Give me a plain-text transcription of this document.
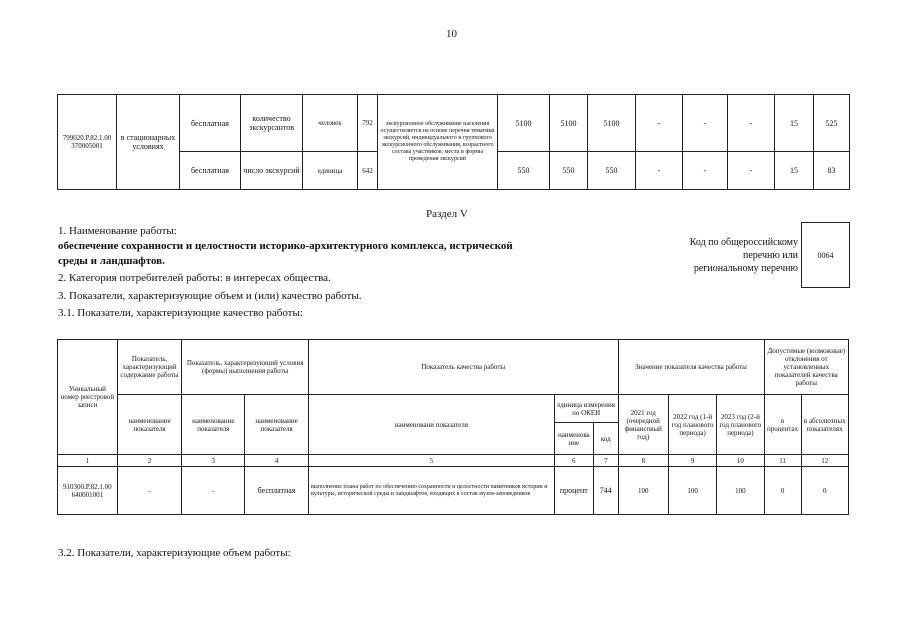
10
799020.Р.82.1.00 370005001	в стационарных условиях	бесплатная	количество экскурсантов	человек	792	экскурсионное обслуживание населения осуществляется на основе перечня тематики экскурсий, индивидуального и группового экскурсионного обслуживания, возрастного состава участников, места и формы проведения экскурсий	5100	5100	5100	-	-	-	15	525
		бесплатная	число экскурсий	единица	642		550	550	550	-	-	-	15	83
Раздел V
1. Наименование работы:
обеспечение сохранности и целостности историко-архитектурного комплекса, истрической
среды и ландшафтов.
2. Категория потребителей работы: в интересах общества.
3. Показатели, характеризующие объем и (или) качество работы.
3.1. Показатели, характеризующие качество работы:
Код по общероссийскому
перечню или
региональному перечню
0064
Уникальный номер реестровой записи	Показатель, характеризующий содержание работы	Показатель, характеризующий условия (формы) выполнения работы		Показатель качества работы			Значение показателя качества работы			Допустимые (возможные) отклонения от установленных показателей качества работы	
	наименование показателя	наименование показателя	наименование показателя	наименовани показателя	единица измерения по ОКЕИ		2021 год (очередной финансовый год)	2022 год (1-й год планового периода)	2023 год (2-й год планового периода)	в процентах	в абсолютных показателях
					наименова ние	код					
1	2	3	4	5	6	7	8	9	10	11	12
910300.Р.82.1.00 640001001	-	-	бесплатная	выполнение плана работ по обеспечению сохранности и целостности памятников истории и культуры, исторической среды и ландшафтов, входящих в состав музея-заповедников	процент	744	100	100	100	0	0
3.2. Показатели, характеризующие объем работы:
